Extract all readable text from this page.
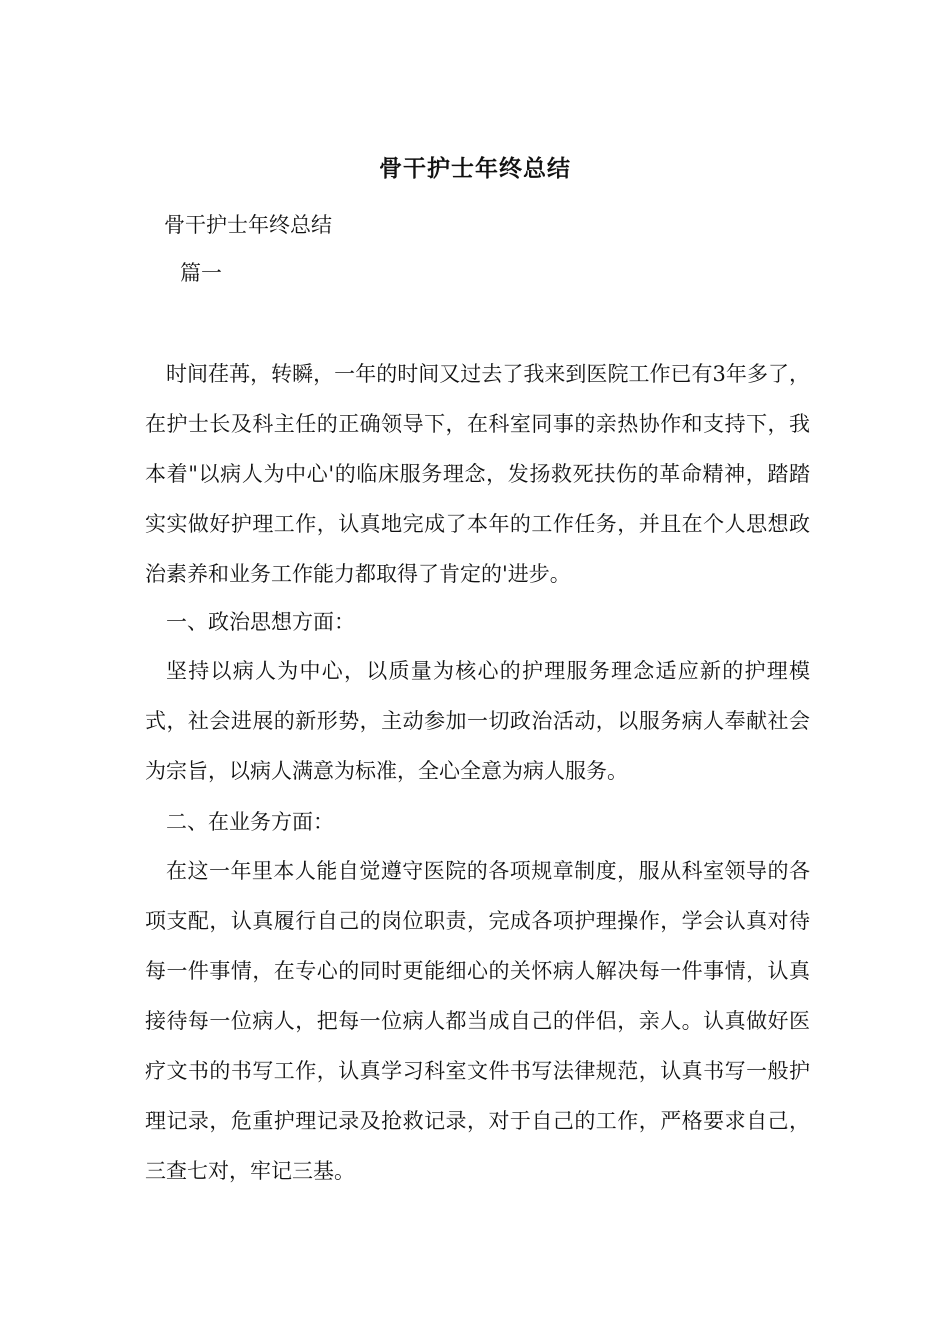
骨干护士年终总结
骨干护士年终总结
篇一

时间荏苒，转瞬，一年的时间又过去了我来到医院工作已有3年多了，在护士长及科主任的正确领导下，在科室同事的亲热协作和支持下，我本着"以病人为中心'的临床服务理念，发扬救死扶伤的革命精神，踏踏实实做好护理工作，认真地完成了本年的工作任务，并且在个人思想政治素养和业务工作能力都取得了肯定的'进步。

一、政治思想方面：

坚持以病人为中心，以质量为核心的护理服务理念适应新的护理模式，社会进展的新形势，主动参加一切政治活动，以服务病人奉献社会为宗旨，以病人满意为标准，全心全意为病人服务。

二、在业务方面：

在这一年里本人能自觉遵守医院的各项规章制度，服从科室领导的各项支配，认真履行自己的岗位职责，完成各项护理操作，学会认真对待每一件事情，在专心的同时更能细心的关怀病人解决每一件事情，认真接待每一位病人，把每一位病人都当成自己的伴侣，亲人。认真做好医疗文书的书写工作，认真学习科室文件书写法律规范，认真书写一般护理记录，危重护理记录及抢救记录，对于自己的工作，严格要求自己，三查七对，牢记三基。
